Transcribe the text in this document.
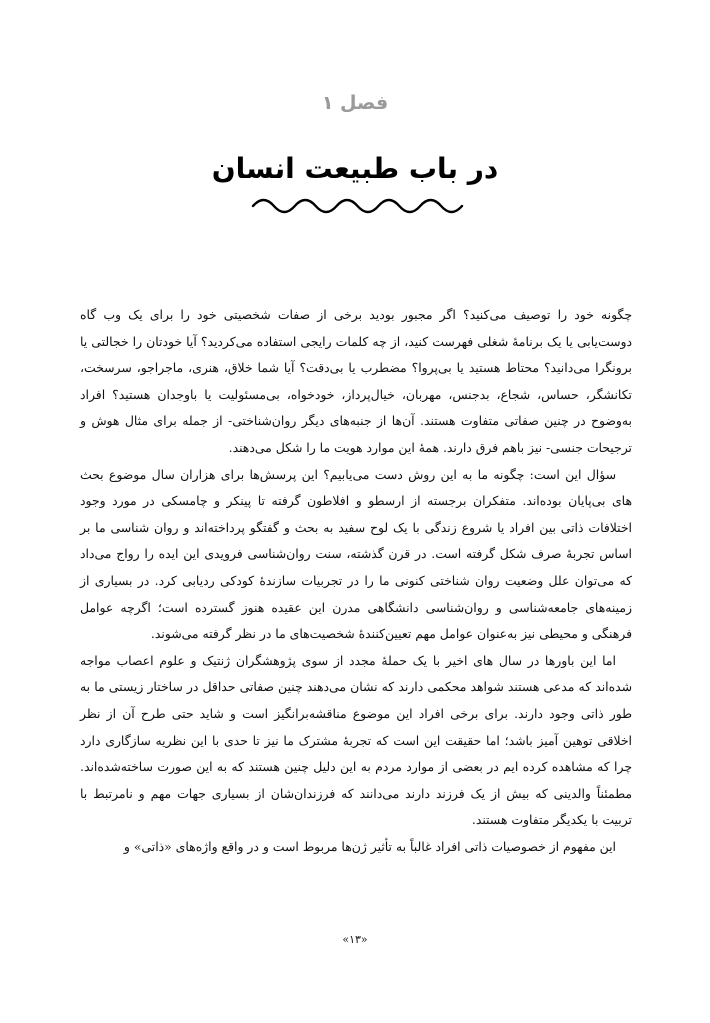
فصل ۱
در باب طبیعت انسان

چگونه خود را توصیف می‌کنید؟ اگر مجبور بودید برخی از صفات شخصیتی خود را برای یک وب گاه دوست‌یابی یا یک برنامهٔ شغلی فهرست کنید، از چه کلمات رایجی استفاده می‌کردید؟ آیا خودتان را خجالتی یا برونگرا می‌دانید؟ محتاط هستید یا بی‌پروا؟ مضطرب یا بی‌دقت؟ آیا شما خلاق، هنری، ماجراجو، سرسخت، تکانشگر، حساس، شجاع، بدجنس، مهربان، خیال‌پرداز، خودخواه، بی‌مسئولیت یا باوجدان هستید؟ افراد به‌وضوح در چنین صفاتی متفاوت هستند. آن‌ها از جنبه‌های دیگر روان‌شناختی- از جمله برای مثال هوش و ترجیحات جنسی- نیز باهم فرق دارند. همهٔ این موارد هویت ما را شکل می‌دهند.

سؤال این است: چگونه ما به این روش دست می‌یابیم؟ این پرسش‌ها برای هزاران سال موضوع بحث های بی‌پایان بوده‌اند. متفکران برجسته از ارسطو و افلاطون گرفته تا پینکر و چامسکی در مورد وجود اختلافات ذاتی بین افراد یا شروع زندگی با یک لوح سفید به بحث و گفتگو پرداخته‌اند و روان شناسی ما بر اساس تجربهٔ صرف شکل گرفته است. در قرن گذشته، سنت روان‌شناسی فرویدی این ایده را رواج می‌داد که می‌توان علل وضعیت روان شناختی کنونی ما را در تجربیات سازندهٔ کودکی ردیابی کرد. در بسیاری از زمینه‌های جامعه‌شناسی و روان‌شناسی دانشگاهی مدرن این عقیده هنوز گسترده است؛ اگرچه عوامل فرهنگی و محیطی نیز به‌عنوان عوامل مهم تعیین‌کنندهٔ شخصیت‌های ما در نظر گرفته می‌شوند.

اما این باورها در سال های اخیر با یک حملهٔ مجدد از سوی پژوهشگران ژنتیک و علوم اعصاب مواجه شده‌اند که مدعی هستند شواهد محکمی دارند که نشان می‌دهند چنین صفاتی حداقل در ساختار زیستی ما به طور ذاتی وجود دارند. برای برخی افراد این موضوع مناقشه‌برانگیز است و شاید حتی طرح آن از نظر اخلاقی توهین آمیز باشد؛ اما حقیقت این است که تجربهٔ مشترک ما نیز تا حدی با این نظریه سازگاری دارد چرا که مشاهده کرده ایم در بعضی از موارد مردم به این دلیل چنین هستند که به این صورت ساخته‌شده‌اند. مطمئناً والدینی که بیش از یک فرزند دارند می‌دانند که فرزندان‌شان از بسیاری جهات مهم و نامرتبط با تربیت با یکدیگر متفاوت هستند.

این مفهوم از خصوصیات ذاتی افراد غالباً به تأثیر ژن‌ها مربوط است و در واقع واژه‌های «ذاتی» و

«۱۳»
